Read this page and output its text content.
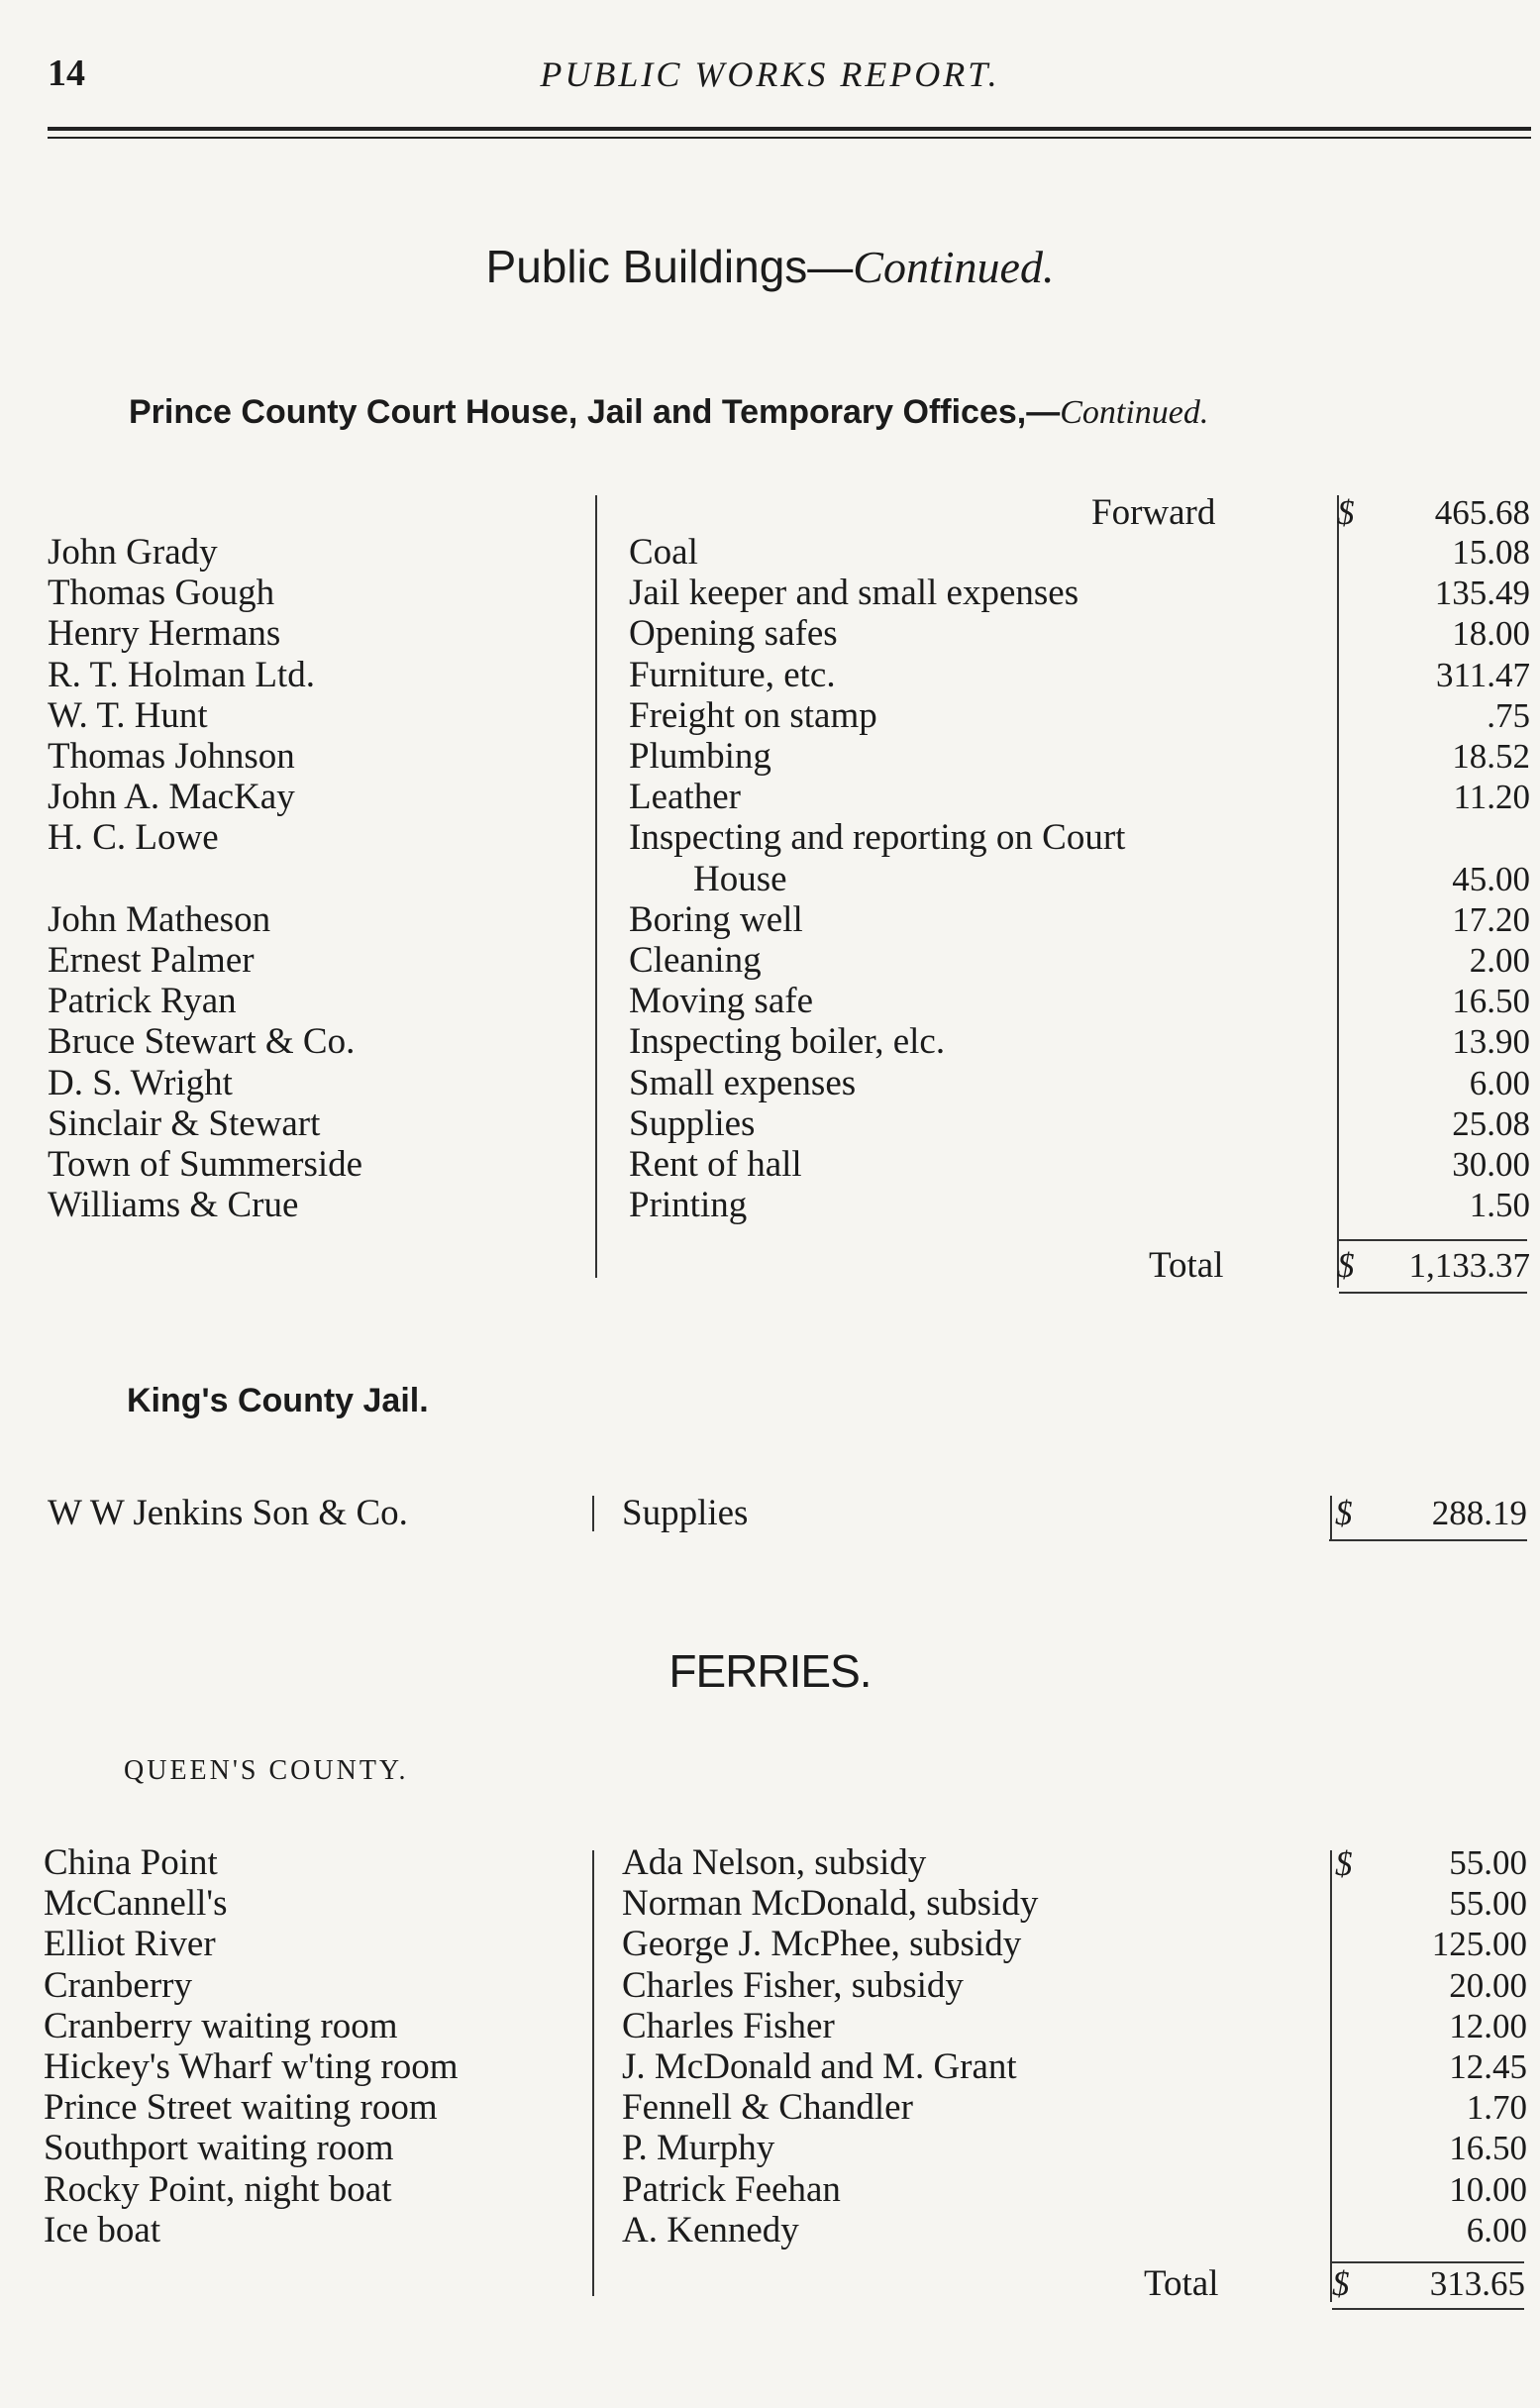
14	PUBLIC WORKS REPORT.
Public Buildings—Continued.
Prince County Court House, Jail and Temporary Offices,—Continued.
Forward	$	465.68
John Grady	Coal	15.08
Thomas Gough	Jail keeper and small expenses	135.49
Henry Hermans	Opening safes	18.00
R. T. Holman Ltd.	Furniture, etc.	311.47
W. T. Hunt	Freight on stamp	.75
Thomas Johnson	Plumbing	18.52
John A. MacKay	Leather	11.20
H. C. Lowe	Inspecting and reporting on Court
House	45.00
John Matheson	Boring well	17.20
Ernest Palmer	Cleaning	2.00
Patrick Ryan	Moving safe	16.50
Bruce Stewart & Co.	Inspecting boiler, elc.	13.90
D. S. Wright	Small expenses	6.00
Sinclair & Stewart	Supplies	25.08
Town of Summerside	Rent of hall	30.00
Williams & Crue	Printing	1.50
Total	$	1,133.37
King's County Jail.
W W Jenkins Son & Co.	Supplies	$	288.19
FERRIES.
QUEEN'S COUNTY.
$
China Point	Ada Nelson, subsidy	55.00
McCannell's	Norman McDonald, subsidy	55.00
Elliot River	George J. McPhee, subsidy	125.00
Cranberry	Charles Fisher, subsidy	20.00
Cranberry waiting room	Charles Fisher	12.00
Hickey's Wharf w'ting room	J. McDonald and M. Grant	12.45
Prince Street waiting room	Fennell & Chandler	1.70
Southport waiting room	P. Murphy	16.50
Rocky Point, night boat	Patrick Feehan	10.00
Ice boat	A. Kennedy	6.00
Total	$	313.65
